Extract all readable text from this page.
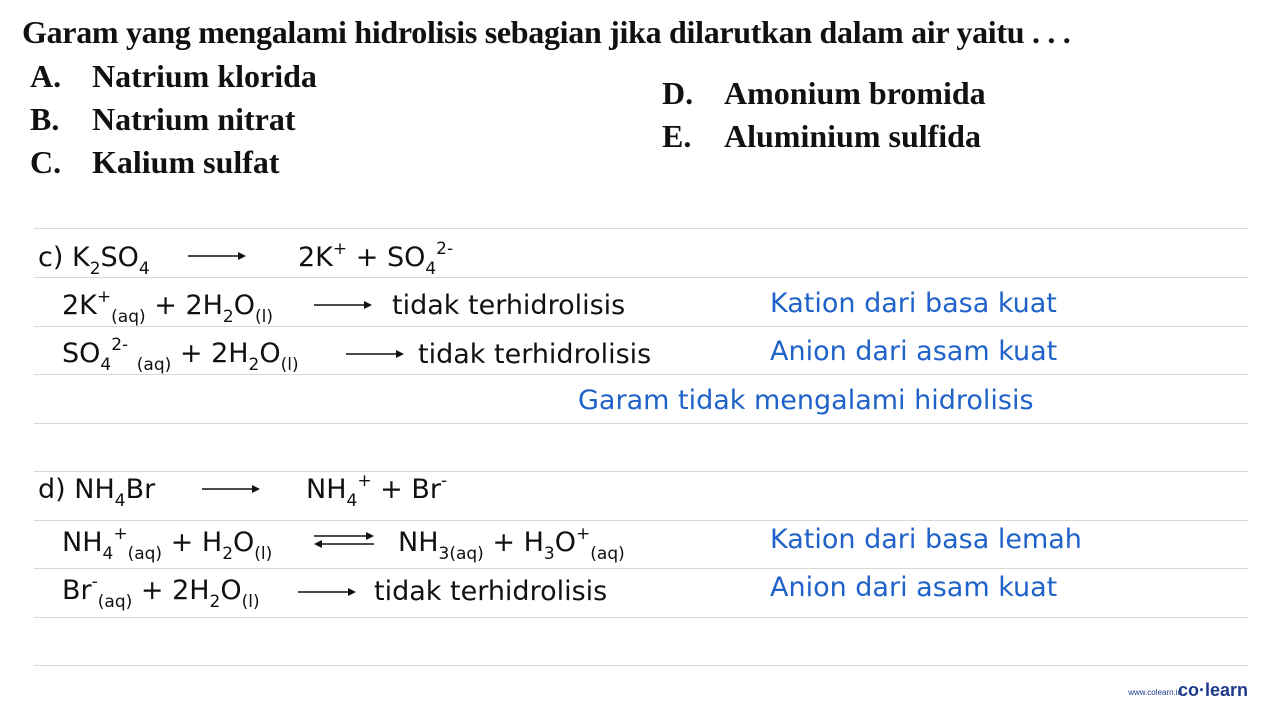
Garam yang mengalami hidrolisis sebagian jika dilarutkan dalam air yaitu . . .
A. Natrium klorida
B. Natrium nitrat
C. Kalium sulfat
D. Amonium bromida
E. Aluminium sulfida
c) $K_2SO_4$	$2K^+ + SO_4^{2-}$
$2K^+_{(aq)} + 2H_2O_{(l)}$	tidak terhidrolisis	Kation dari basa kuat
$SO_4^{2-}$ $_{(aq)} + 2H_2O_{(l)}$	tidak terhidrolisis	Anion dari asam kuat
Garam tidak mengalami hidrolisis
d) $NH_4Br$	$NH_4^+ + Br^-$
$NH_4^+_{(aq)} + H_2O_{(l)}$ ⇌ $NH_{3(aq)} + H_3O^+_{(aq)}$	Kation dari basa lemah
$Br^-_{(aq)} + 2H_2O_{(l)}$	tidak terhidrolisis	Anion dari asam kuat
www.colearn.id
co·learn
